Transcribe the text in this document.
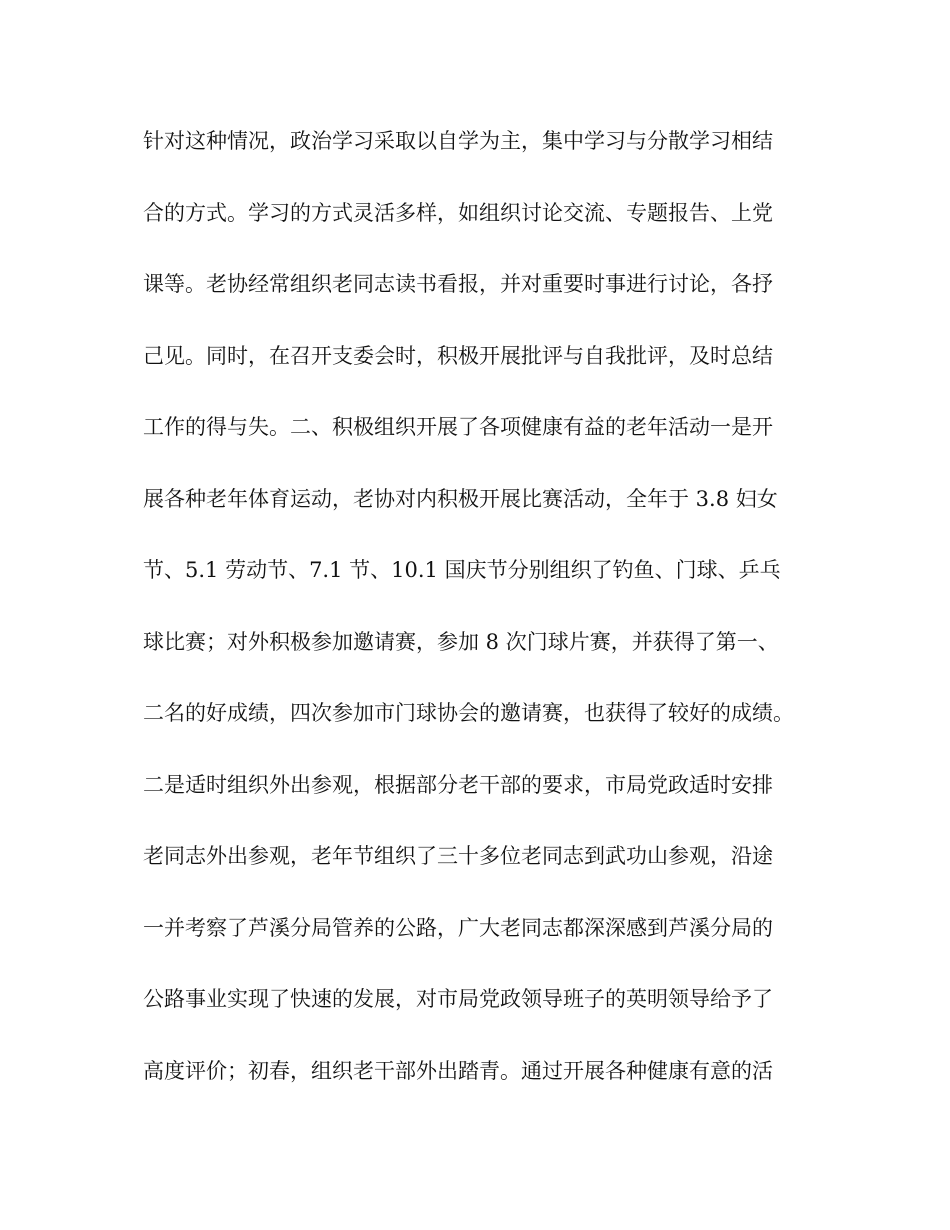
针对这种情况，政治学习采取以自学为主，集中学习与分散学习相结
合的方式。学习的方式灵活多样，如组织讨论交流、专题报告、上党
课等。老协经常组织老同志读书看报，并对重要时事进行讨论，各抒
己见。同时，在召开支委会时，积极开展批评与自我批评，及时总结
工作的得与失。二、积极组织开展了各项健康有益的老年活动一是开
展各种老年体育运动，老协对内积极开展比赛活动，全年于 3.8 妇女
节、5.1 劳动节、7.1 节、10.1 国庆节分别组织了钓鱼、门球、乒乓
球比赛；对外积极参加邀请赛，参加 8 次门球片赛，并获得了第一、
二名的好成绩，四次参加市门球协会的邀请赛，也获得了较好的成绩。
二是适时组织外出参观，根据部分老干部的要求，市局党政适时安排
老同志外出参观，老年节组织了三十多位老同志到武功山参观，沿途
一并考察了芦溪分局管养的公路，广大老同志都深深感到芦溪分局的
公路事业实现了快速的发展，对市局党政领导班子的英明领导给予了
高度评价；初春，组织老干部外出踏青。通过开展各种健康有意的活
